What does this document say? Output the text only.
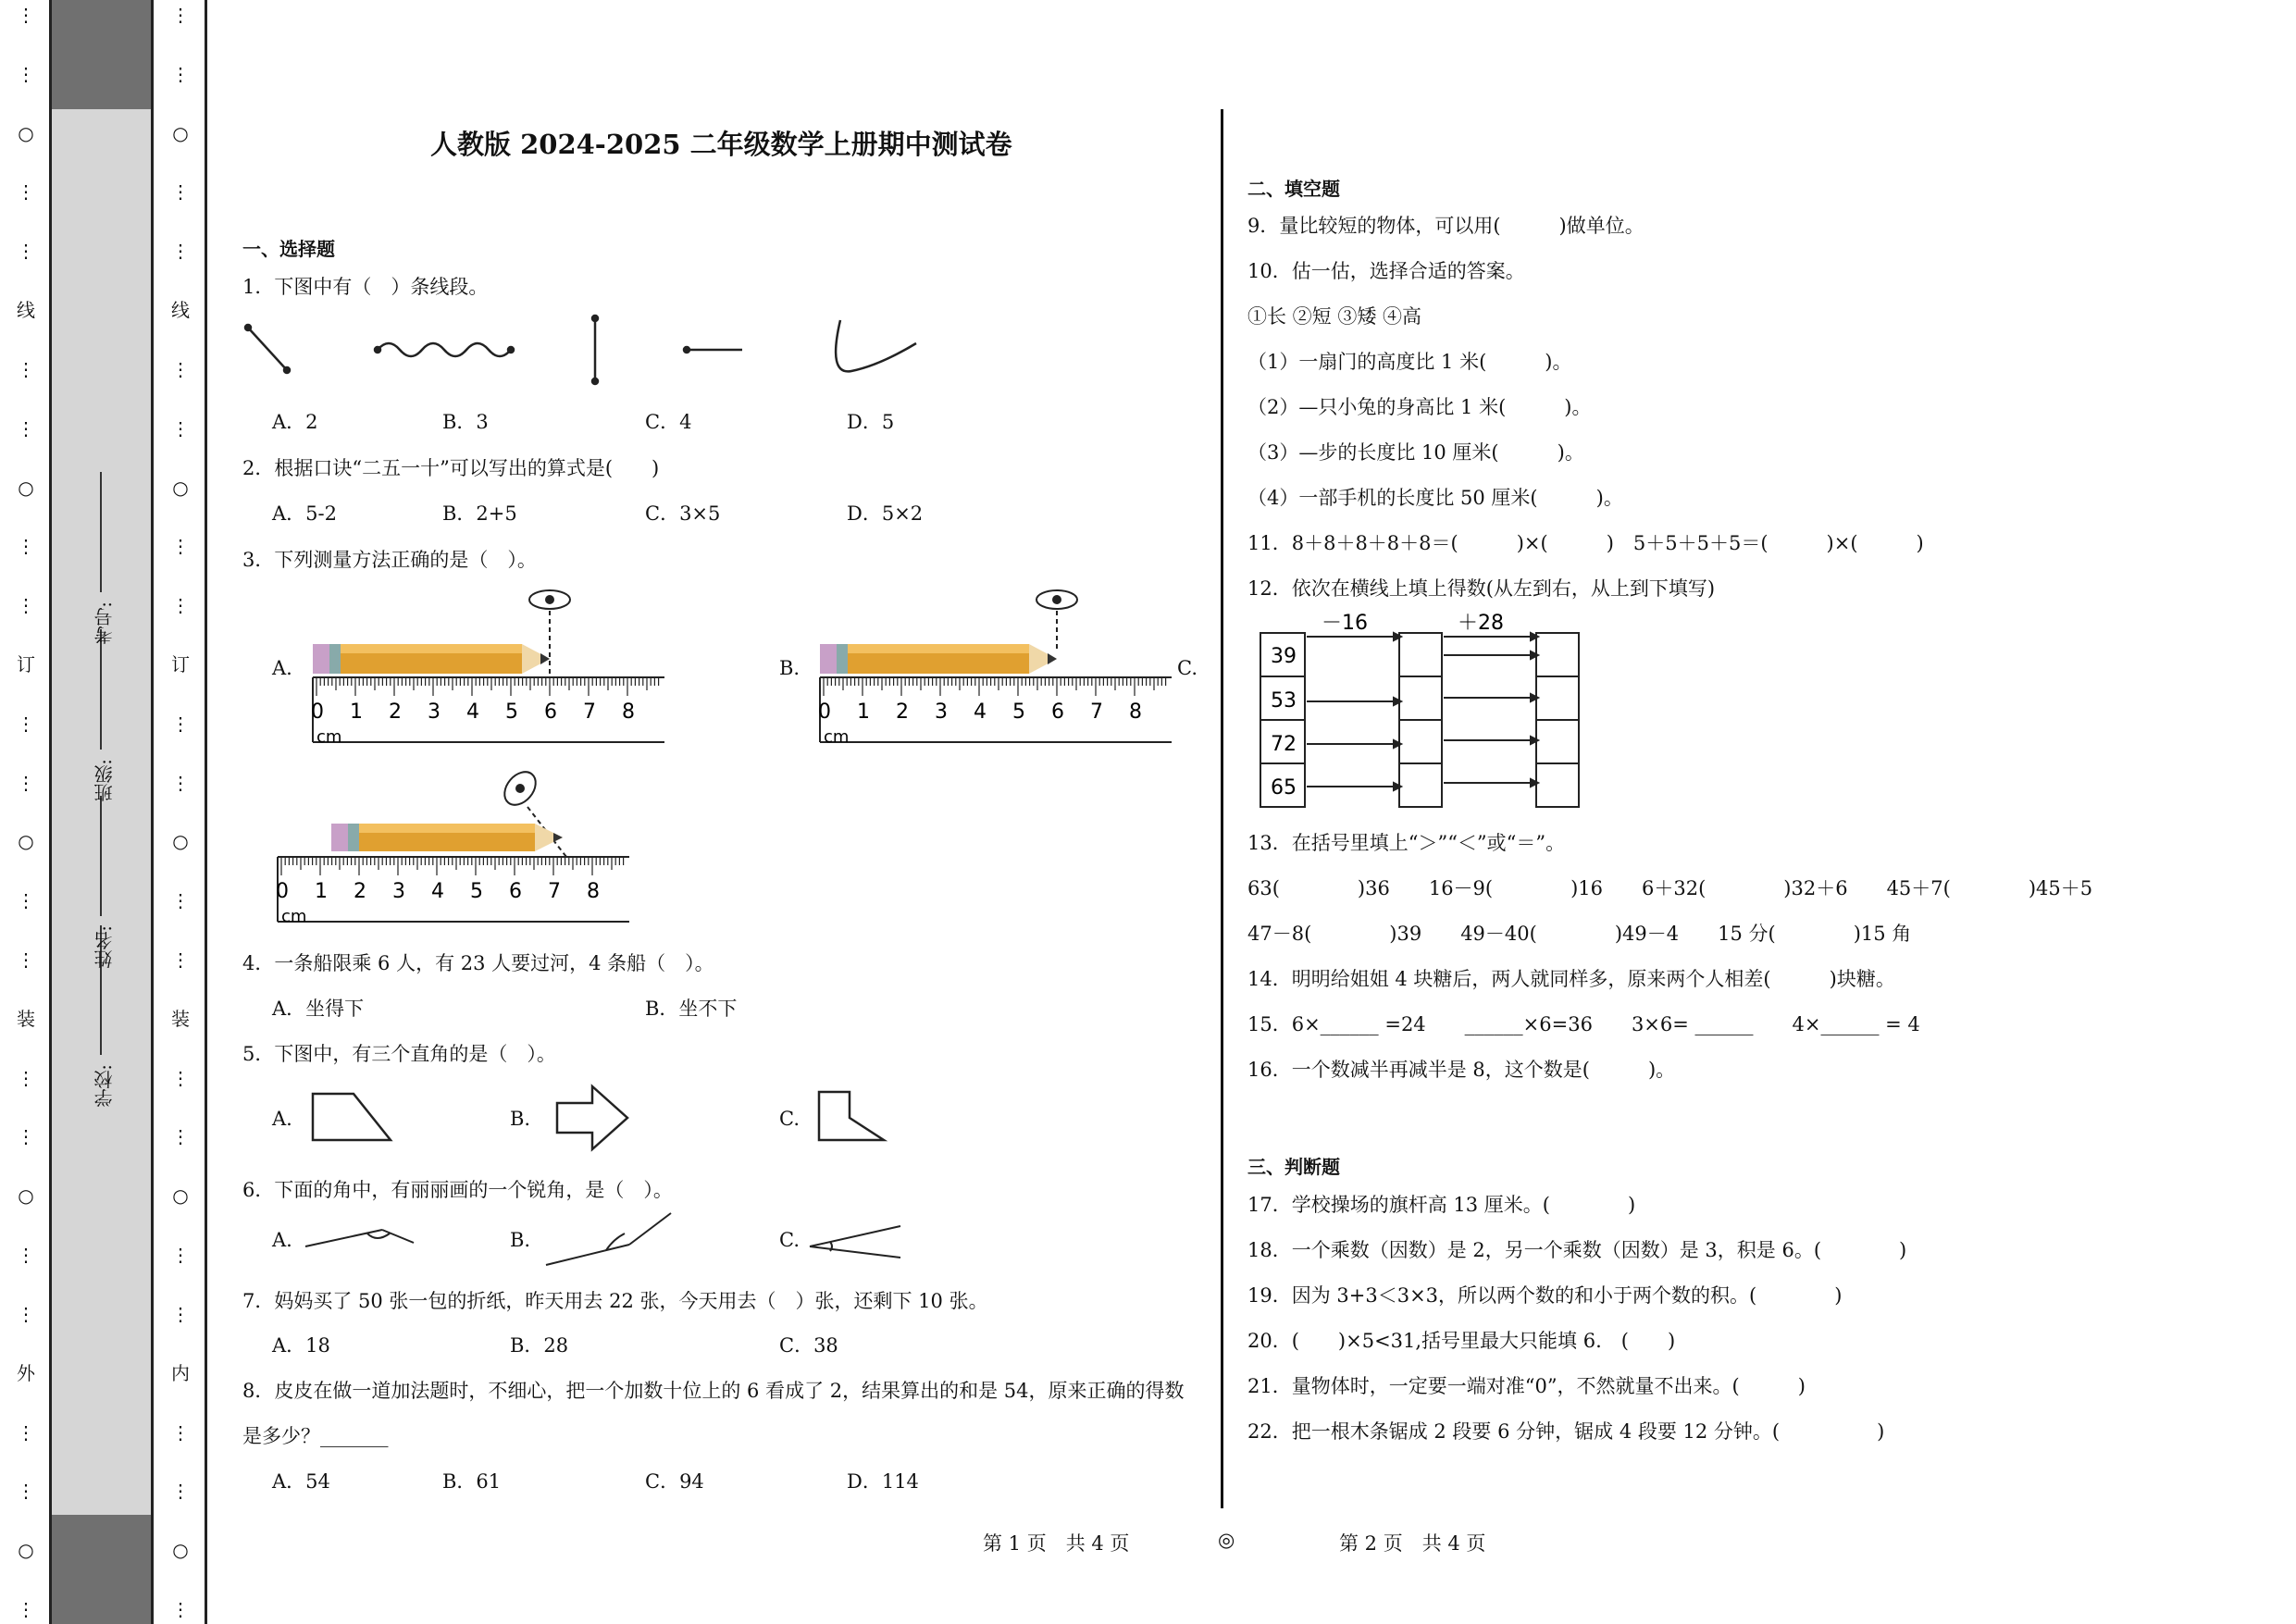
⋮
⋮
○
⋮
⋮
线
⋮
⋮
○
⋮
⋮
订
⋮
⋮
○
⋮
⋮
装
⋮
⋮
○
⋮
⋮
外
⋮
⋮
○
⋮
学校:
姓名:
班级:
考号:
⋮
⋮
○
⋮
⋮
线
⋮
⋮
○
⋮
⋮
订
⋮
⋮
○
⋮
⋮
装
⋮
⋮
○
⋮
⋮
内
⋮
⋮
○
⋮
人教版 2024-2025 二年级数学上册期中测试卷
一、选择题
1．下图中有（　）条线段。
A．2	B．3	C．4	D．5
2．根据口诀“二五一十”可以写出的算式是(　　)
A．5-2	B．2+5	C．3×5	D．5×2
3．下列测量方法正确的是（　）。
A.	B.	C.
0 1 2 3 4 5 6 7 8
cm
0 1 2 3 4 5 6 7 8
cm
0 1 2 3 4 5 6 7 8
cm
4．一条船限乘 6 人，有 23 人要过河，4 条船（　）。
A．坐得下	B．坐不下
5．下图中，有三个直角的是（　）。
A.	B.	C.
6．下面的角中，有丽丽画的一个锐角，是（　）。
A.	B.	C.
7．妈妈买了 50 张一包的折纸，昨天用去 22 张，今天用去（　）张，还剩下 10 张。
A．18	B．28	C．38
8．皮皮在做一道加法题时，不细心，把一个加数十位上的 6 看成了 2，结果算出的和是 54，原来正确的得数
是多少？_______
A．54	B．61	C．94	D．114
二、填空题
9．量比较短的物体，可以用(　　　)做单位。
10．估一估，选择合适的答案。
①长 ②短 ③矮 ④高
（1）一扇门的高度比 1 米(　　　)。
（2）—只小兔的身高比 1 米(　　　)。
（3）—步的长度比 10 厘米(　　　)。
（4）一部手机的长度比 50 厘米(　　　)。
11．8＋8＋8＋8＋8＝(　　　)×(　　　)　5＋5＋5＋5＝(　　　)×(　　　)
12．依次在横线上填上得数(从左到右，从上到下填写)
－16	＋28
39
53
72
65
13．在括号里填上“＞”“＜”或“＝”。
63(　　　　)36　　16－9(　　　　)16　　6＋32(　　　　)32＋6　　45＋7(　　　　)45＋5
47－8(　　　　)39　　49－40(　　　　)49－4　　15 分(　　　　)15 角
14．明明给姐姐 4 块糖后，两人就同样多，原来两个人相差(　　　)块糖。
15．6×______ =24　　______×6=36　　3×6= ______　　4×______ = 4
16．一个数减半再减半是 8，这个数是(　　　)。
三、判断题
17．学校操场的旗杆高 13 厘米。(　　　　)
18．一个乘数（因数）是 2，另一个乘数（因数）是 3，积是 6。(　　　　)
19．因为 3+3＜3×3，所以两个数的和小于两个数的积。(　　　　)
20．(　　)×5<31,括号里最大只能填 6.　(　　)
21．量物体时，一定要一端对准“0”，不然就量不出来。(　　　)
22．把一根木条锯成 2 段要 6 分钟，锯成 4 段要 12 分钟。(　　　　　)
第 1 页　共 4 页	◎	第 2 页　共 4 页
